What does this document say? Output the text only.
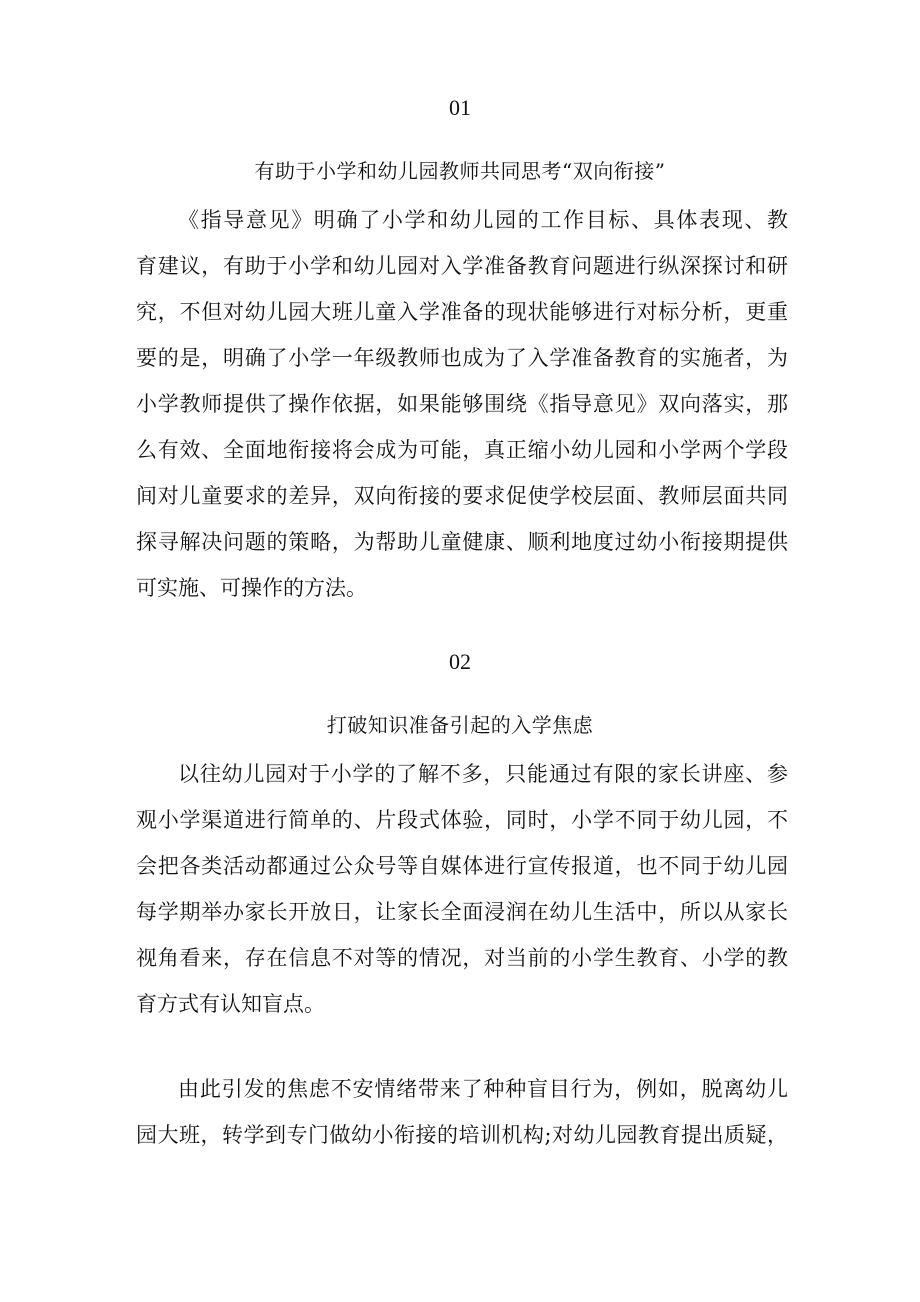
01
有助于小学和幼儿园教师共同思考“双向衔接”
《指导意见》明确了小学和幼儿园的工作目标、具体表现、教
育建议，有助于小学和幼儿园对入学准备教育问题进行纵深探讨和研
究，不但对幼儿园大班儿童入学准备的现状能够进行对标分析，更重
要的是，明确了小学一年级教师也成为了入学准备教育的实施者，为
小学教师提供了操作依据，如果能够围绕《指导意见》双向落实，那
么有效、全面地衔接将会成为可能，真正缩小幼儿园和小学两个学段
间对儿童要求的差异，双向衔接的要求促使学校层面、教师层面共同
探寻解决问题的策略，为帮助儿童健康、顺利地度过幼小衔接期提供
可实施、可操作的方法。
02
打破知识准备引起的入学焦虑
以往幼儿园对于小学的了解不多，只能通过有限的家长讲座、参
观小学渠道进行简单的、片段式体验，同时，小学不同于幼儿园，不
会把各类活动都通过公众号等自媒体进行宣传报道，也不同于幼儿园
每学期举办家长开放日，让家长全面浸润在幼儿生活中，所以从家长
视角看来，存在信息不对等的情况，对当前的小学生教育、小学的教
育方式有认知盲点。
由此引发的焦虑不安情绪带来了种种盲目行为，例如，脱离幼儿
园大班，转学到专门做幼小衔接的培训机构;对幼儿园教育提出质疑，
